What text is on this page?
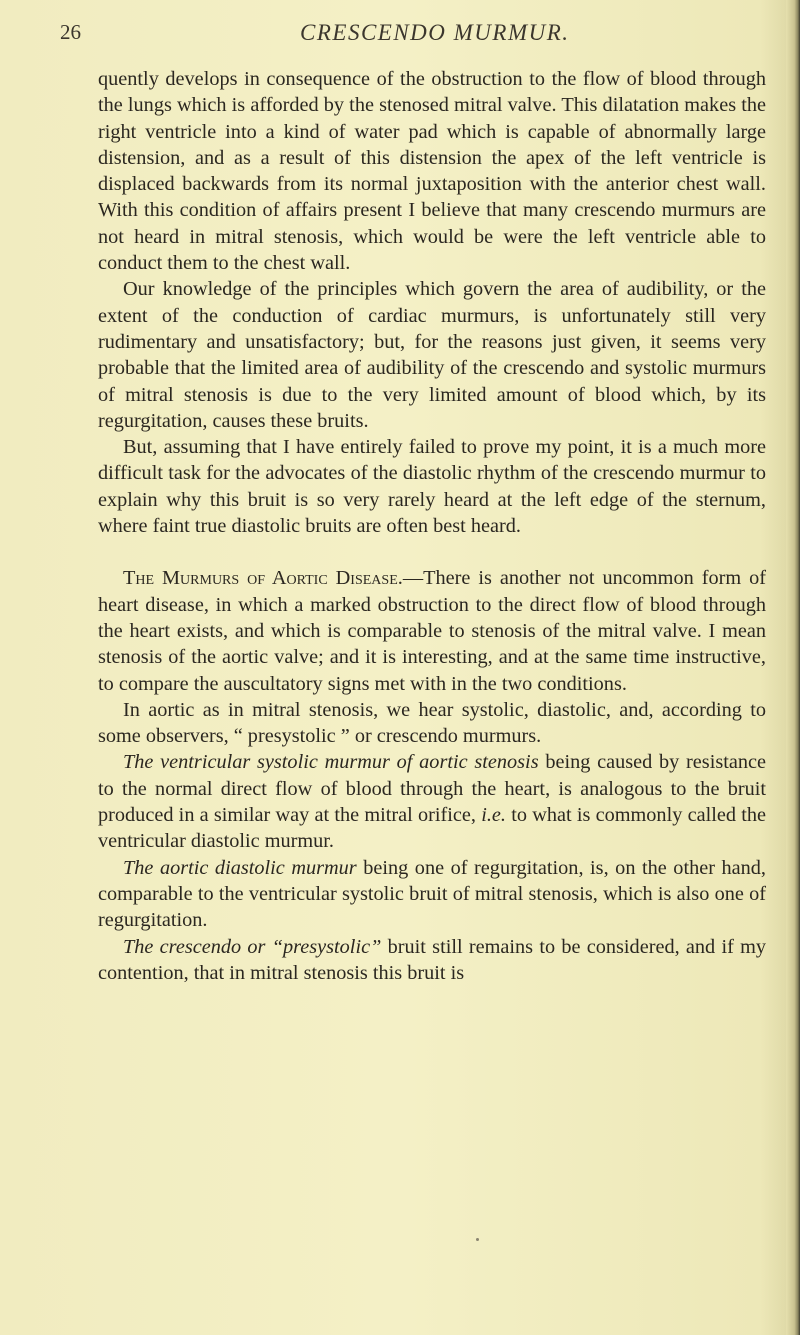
26	CRESCENDO MURMUR.

quently develops in consequence of the obstruction to the flow of blood through the lungs which is afforded by the stenosed mitral valve. This dilatation makes the right ventricle into a kind of water pad which is capable of abnormally large distension, and as a result of this distension the apex of the left ventricle is displaced backwards from its normal juxtaposition with the anterior chest wall. With this condition of affairs present I believe that many crescendo murmurs are not heard in mitral stenosis, which would be were the left ventricle able to conduct them to the chest wall.

Our knowledge of the principles which govern the area of audibility, or the extent of the conduction of cardiac murmurs, is unfortunately still very rudimentary and unsatisfactory; but, for the reasons just given, it seems very probable that the limited area of audibility of the crescendo and systolic murmurs of mitral stenosis is due to the very limited amount of blood which, by its regurgitation, causes these bruits.

But, assuming that I have entirely failed to prove my point, it is a much more difficult task for the advocates of the diastolic rhythm of the crescendo murmur to explain why this bruit is so very rarely heard at the left edge of the sternum, where faint true diastolic bruits are often best heard.

The Murmurs of Aortic Disease.—There is another not uncommon form of heart disease, in which a marked obstruction to the direct flow of blood through the heart exists, and which is comparable to stenosis of the mitral valve. I mean stenosis of the aortic valve; and it is interesting, and at the same time instructive, to compare the auscultatory signs met with in the two conditions.

In aortic as in mitral stenosis, we hear systolic, diastolic, and, according to some observers, “ presystolic ” or crescendo murmurs.

The ventricular systolic murmur of aortic stenosis being caused by resistance to the normal direct flow of blood through the heart, is analogous to the bruit produced in a similar way at the mitral orifice, i.e. to what is commonly called the ventricular diastolic murmur.

The aortic diastolic murmur being one of regurgitation, is, on the other hand, comparable to the ventricular systolic bruit of mitral stenosis, which is also one of regurgitation.

The crescendo or “presystolic” bruit still remains to be considered, and if my contention, that in mitral stenosis this bruit is
